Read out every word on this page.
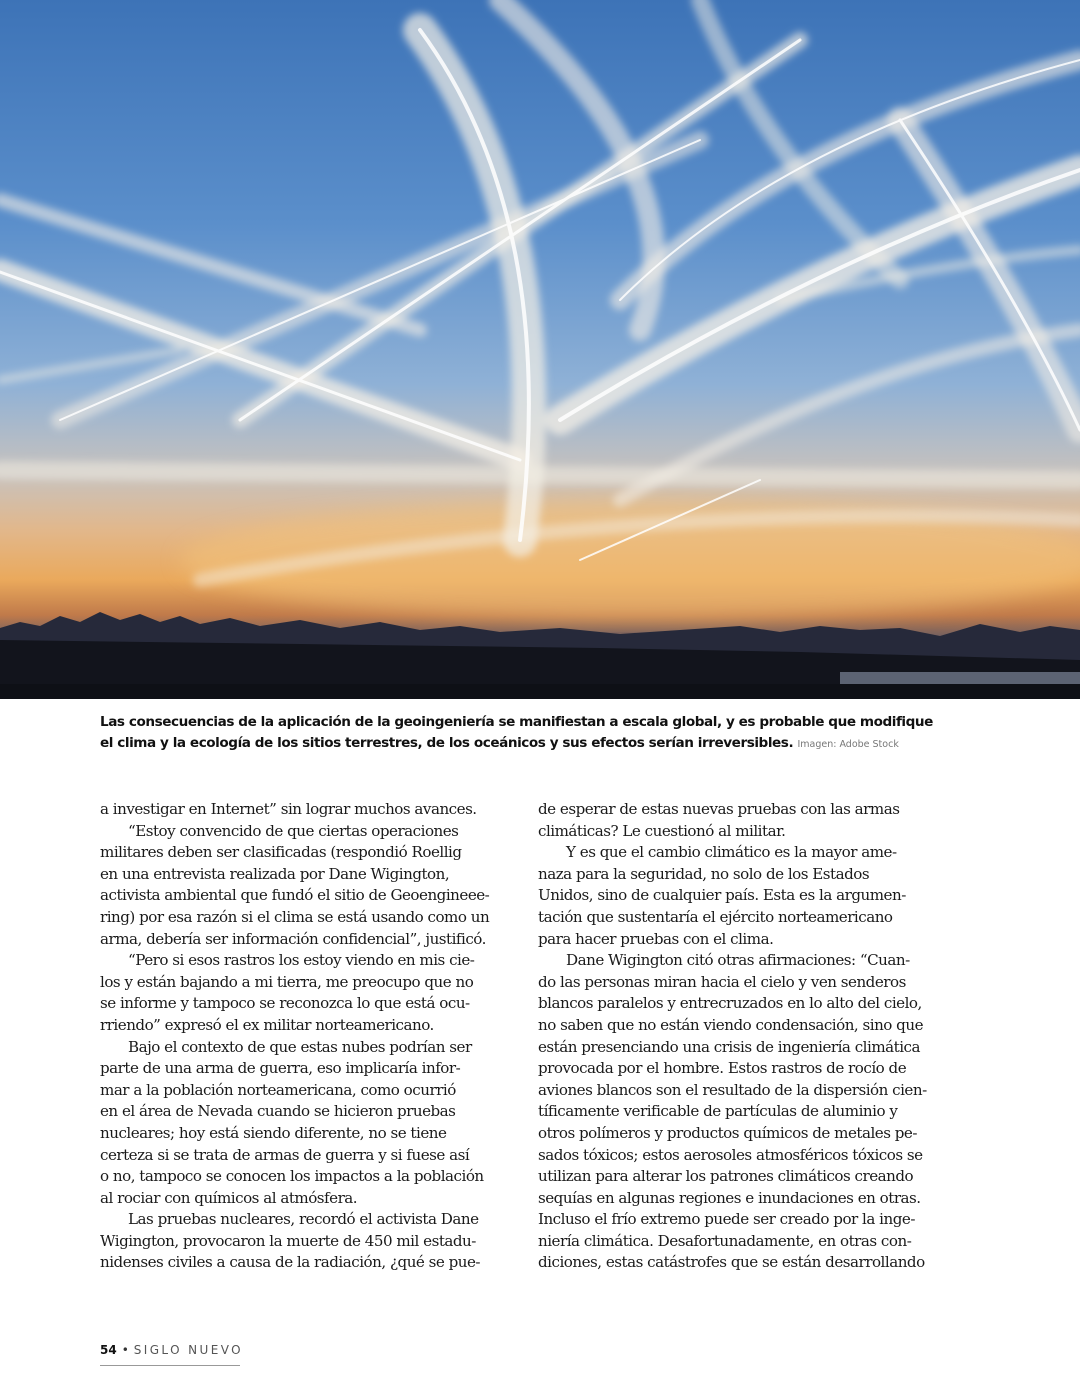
Las consecuencias de la aplicación de la geoingeniería se manifiestan a escala global, y es probable que modifique
el clima y la ecología de los sitios terrestres, de los oceánicos y sus efectos serían irreversibles. Imagen: Adobe Stock
a investigar en Internet” sin lograr muchos avances.
“Estoy convencido de que ciertas operaciones
militares deben ser clasificadas (respondió Roellig
en una entrevista realizada por Dane Wigington,
activista ambiental que fundó el sitio de Geoengineee-
ring) por esa razón si el clima se está usando como un
arma, debería ser información confidencial”, justificó.
“Pero si esos rastros los estoy viendo en mis cie-
los y están bajando a mi tierra, me preocupo que no
se informe y tampoco se reconozca lo que está ocu-
rriendo” expresó el ex militar norteamericano.
Bajo el contexto de que estas nubes podrían ser
parte de una arma de guerra, eso implicaría infor-
mar a la población norteamericana, como ocurrió
en el área de Nevada cuando se hicieron pruebas
nucleares; hoy está siendo diferente, no se tiene
certeza si se trata de armas de guerra y si fuese así
o no, tampoco se conocen los impactos a la población
al rociar con químicos al atmósfera.
Las pruebas nucleares, recordó el activista Dane
Wigington, provocaron la muerte de 450 mil estadu-
nidenses civiles a causa de la radiación, ¿qué se pue-
de esperar de estas nuevas pruebas con las armas
climáticas? Le cuestionó al militar.
Y es que el cambio climático es la mayor ame-
naza para la seguridad, no solo de los Estados
Unidos, sino de cualquier país. Esta es la argumen-
tación que sustentaría el ejército norteamericano
para hacer pruebas con el clima.
Dane Wigington citó otras afirmaciones: “Cuan-
do las personas miran hacia el cielo y ven senderos
blancos paralelos y entrecruzados en lo alto del cielo,
no saben que no están viendo condensación, sino que
están presenciando una crisis de ingeniería climática
provocada por el hombre. Estos rastros de rocío de
aviones blancos son el resultado de la dispersión cien-
tíficamente verificable de partículas de aluminio y
otros polímeros y productos químicos de metales pe-
sados tóxicos; estos aerosoles atmosféricos tóxicos se
utilizan para alterar los patrones climáticos creando
sequías en algunas regiones e inundaciones en otras.
Incluso el frío extremo puede ser creado por la inge-
niería climática. Desafortunadamente, en otras con-
diciones, estas catástrofes que se están desarrollando
54 • SIGLO NUEVO
